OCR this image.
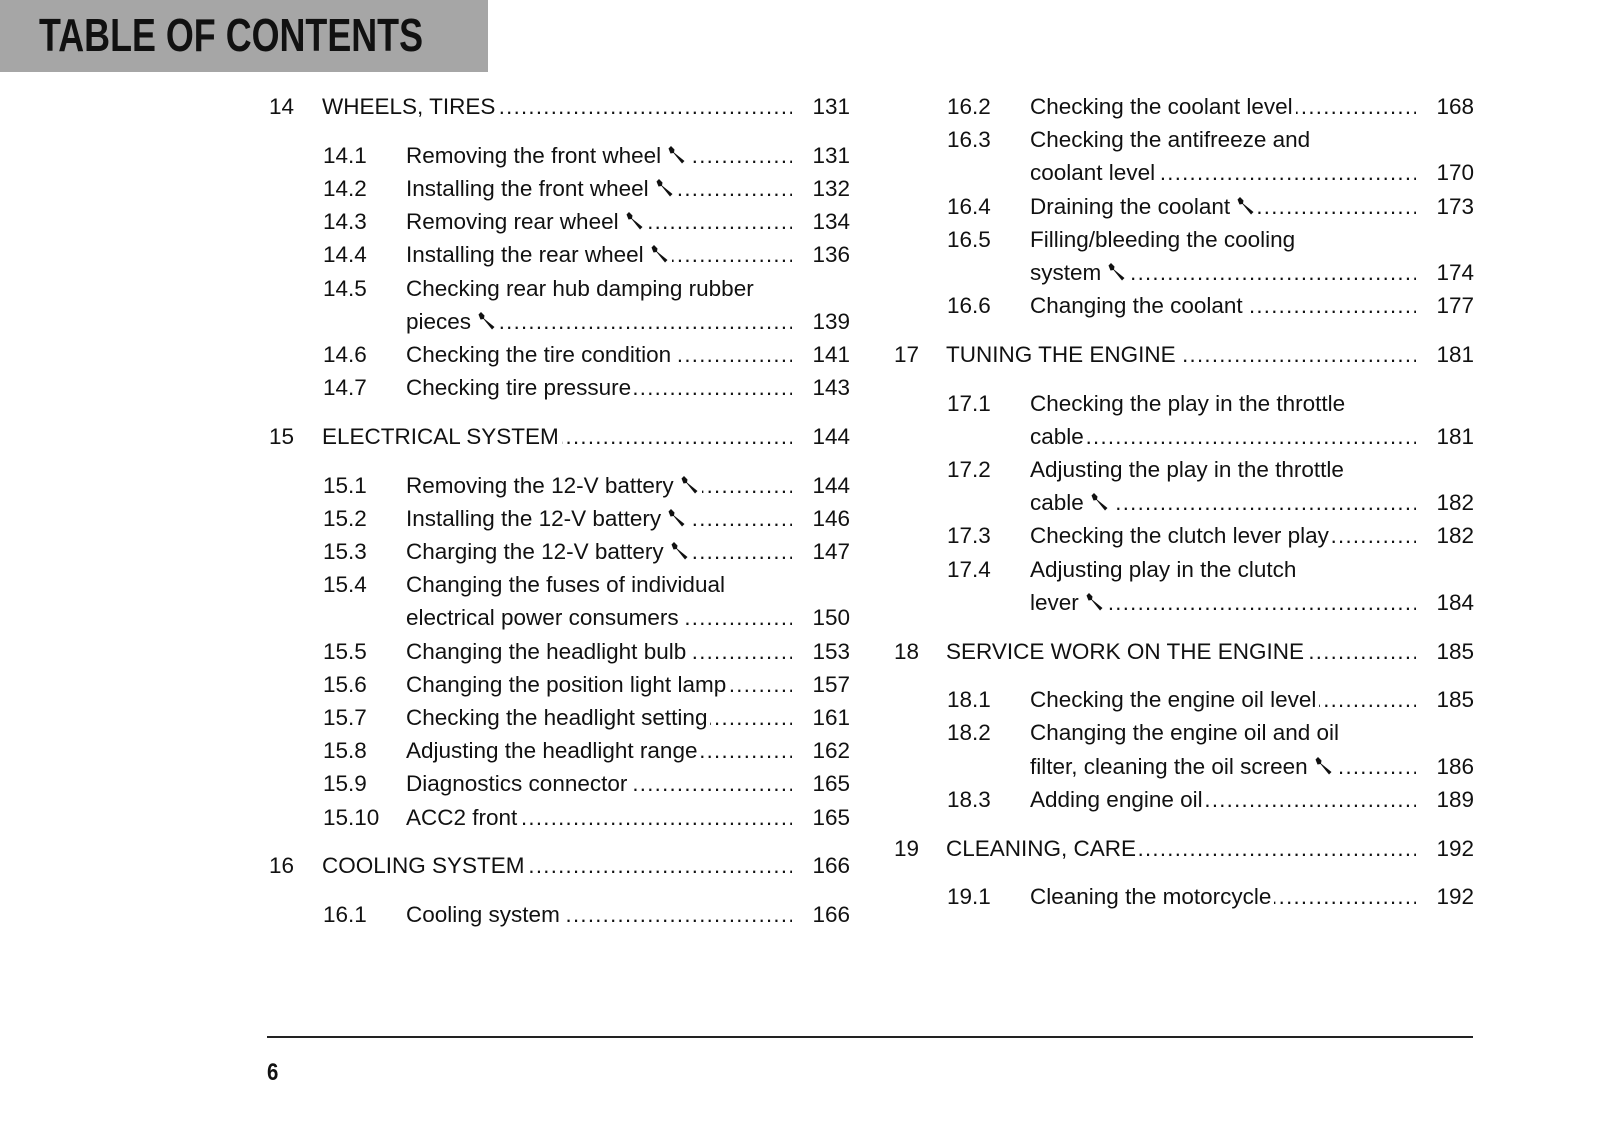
TABLE OF CONTENTS
14	WHEELS, TIRES . . .	131
14.1	Removing the front wheel . . .	131
14.2	Installing the front wheel . . .	132
14.3	Removing rear wheel . . .	134
14.4	Installing the rear wheel . . .	136
14.5	Checking rear hub damping rubber
pieces . . .	139
14.6	Checking the tire condition . . .	141
14.7	Checking tire pressure . . .	143
15	ELECTRICAL SYSTEM . . .	144
15.1	Removing the 12-V battery . . .	144
15.2	Installing the 12-V battery . . .	146
15.3	Charging the 12-V battery . . .	147
15.4	Changing the fuses of individual
electrical power consumers . . .	150
15.5	Changing the headlight bulb . . .	153
15.6	Changing the position light lamp . . .	157
15.7	Checking the headlight setting . . .	161
15.8	Adjusting the headlight range . . .	162
15.9	Diagnostics connector . . .	165
15.10	ACC2 front . . .	165
16	COOLING SYSTEM . . .	166
16.1	Cooling system . . .	166
16.2	Checking the coolant level . . .	168
16.3	Checking the antifreeze and
coolant level . . .	170
16.4	Draining the coolant . . .	173
16.5	Filling/bleeding the cooling
system . . .	174
16.6	Changing the coolant . . .	177
17	TUNING THE ENGINE . . .	181
17.1	Checking the play in the throttle
cable . . .	181
17.2	Adjusting the play in the throttle
cable . . .	182
17.3	Checking the clutch lever play . . .	182
17.4	Adjusting play in the clutch
lever . . .	184
18	SERVICE WORK ON THE ENGINE . . .	185
18.1	Checking the engine oil level . . .	185
18.2	Changing the engine oil and oil
filter, cleaning the oil screen . . .	186
18.3	Adding engine oil . . .	189
19	CLEANING, CARE . . .	192
19.1	Cleaning the motorcycle . . .	192
6
